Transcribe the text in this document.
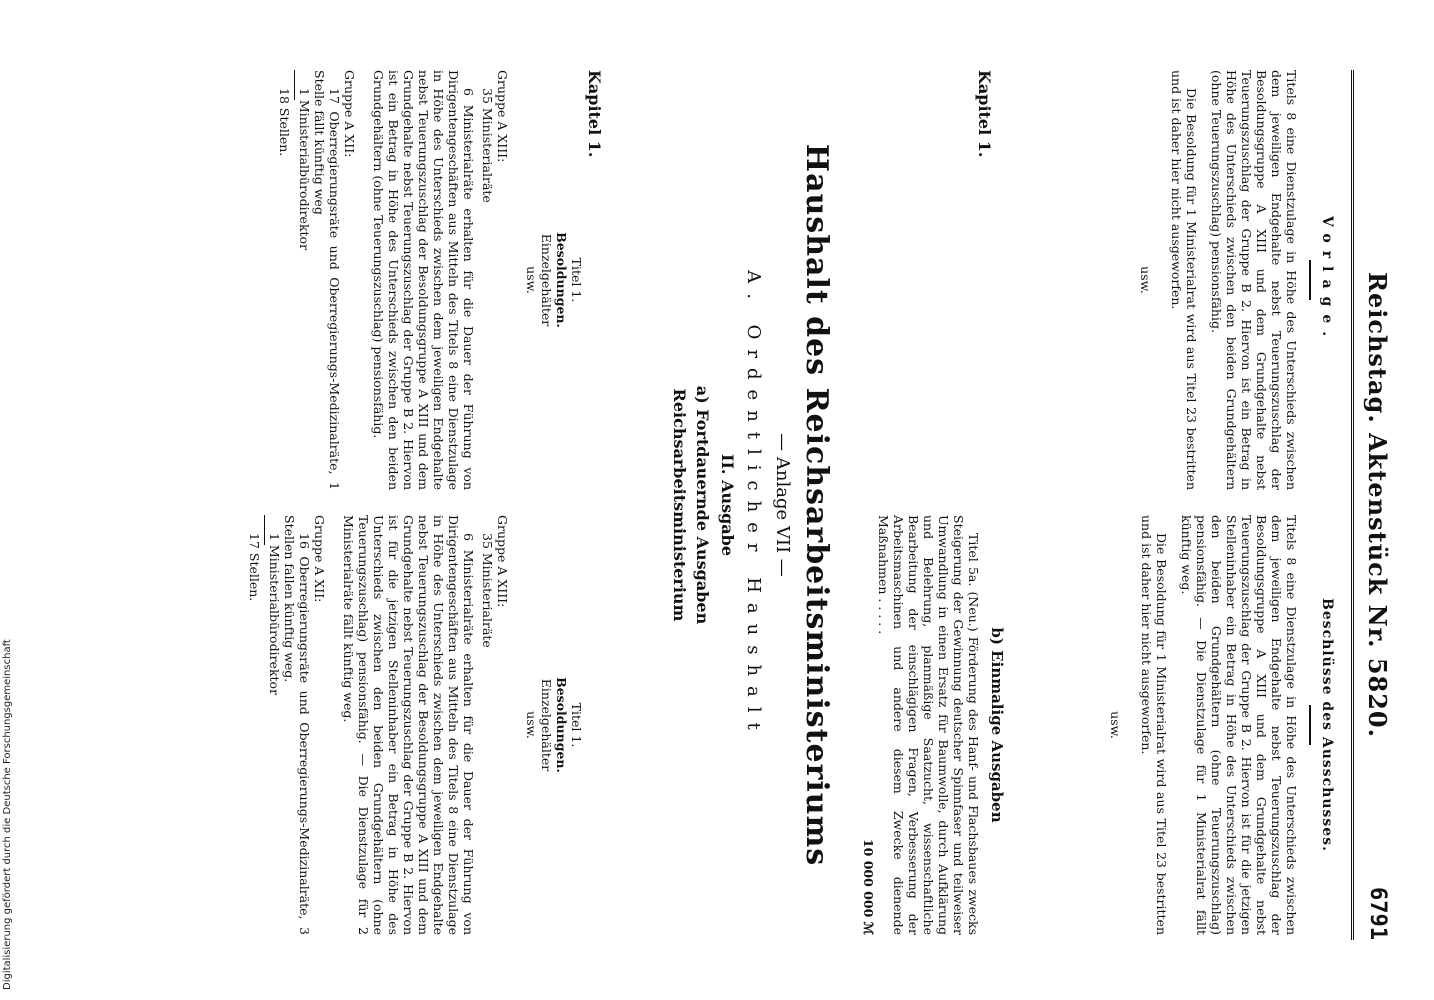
Reichstag. Aktenstück Nr. 5820.
6791
Vorlage.

Titels 8 eine Dienstzulage in Höhe des Unterschieds zwischen dem jeweiligen Endgehalte nebst Teuerungszuschlag der Besoldungsgruppe A XIII und dem Grundgehalte nebst Teuerungszuschlag der Gruppe B 2. Hiervon ist ein Betrag in Höhe des Unterschieds zwischen den beiden Grundgehältern (ohne Teuerungszuschlag) pensionsfähig.

Die Besoldung für 1 Ministerialrat wird aus Titel 23 bestritten und ist daher hier nicht ausgeworfen.

usw.
Beschlüsse des Ausschusses.

Titels 8 eine Dienstzulage in Höhe des Unterschieds zwischen dem jeweiligen Endgehalte nebst Teuerungszuschlag der Besoldungsgruppe A XIII und dem Grundgehalte nebst Teuerungszuschlag der Gruppe B 2. Hiervon ist für die jetzigen Stelleninhaber ein Betrag in Höhe des Unterschieds zwischen den beiden Grundgehältern (ohne Teuerungszuschlag) pensionsfähig. — Die Dienstzulage für 1 Ministerialrat fällt künftig weg.

Die Besoldung für 1 Ministerialrat wird aus Titel 23 bestritten und ist daher hier nicht ausgeworfen.

usw.
Kapitel 1.
b) Einmalige Ausgaben

Titel 5a. (Neu.) Förderung des Hanf- und Flachsbaues zwecks Steigerung der Gewinnung deutscher Spinnfaser und teilweiser Umwandlung in einen Ersatz für Baumwolle, durch Aufklärung und Belehrung, planmäßige Saatzucht, wissenschaftliche Bearbeitung der einschlägigen Fragen, Verbesserung der Arbeitsmaschinen und andere diesem Zwecke dienende Maßnahmen . . . . .

10 000 000 ℳ
Haushalt des Reichsarbeitsministeriums
— Anlage VII —
A. Ordentlicher Haushalt
II. Ausgabe
a) Fortdauernde Ausgaben
Reichsarbeitsministerium
Kapitel 1.
Titel 1.
Besoldungen.
Einzelgehälter
usw.
Gruppe A XIII:
35 Ministerialräte

6 Ministerialräte erhalten für die Dauer der Führung von Dirigentengeschäften aus Mitteln des Titels 8 eine Dienstzulage in Höhe des Unterschieds zwischen dem jeweiligen Endgehalte nebst Teuerungszuschlag der Besoldungsgruppe A XIII und dem Grundgehalte nebst Teuerungszuschlag der Gruppe B 2. Hiervon ist ein Betrag in Höhe des Unterschieds zwischen den beiden Grundgehältern (ohne Teuerungszuschlag) pensionsfähig.

Gruppe A XII:
17 Oberregierungsräte und Oberregierungs-Medizinalräte, 1 Stelle fällt künftig weg
1 Ministerialbürodirektor
18 Stellen.
Titel 1.
Besoldungen.
Einzelgehälter
usw.
Gruppe A XIII:
35 Ministerialräte

6 Ministerialräte erhalten für die Dauer der Führung von Dirigentengeschäften aus Mitteln des Titels 8 eine Dienstzulage in Höhe des Unterschieds zwischen dem jeweiligen Endgehalte nebst Teuerungszuschlag der Besoldungsgruppe A XIII und dem Grundgehalte nebst Teuerungszuschlag der Gruppe B 2. Hiervon ist für die jetzigen Stelleninhaber ein Betrag in Höhe des Unterschieds zwischen den beiden Grundgehältern (ohne Teuerungszuschlag) pensionsfähig. — Die Dienstzulage für 2 Ministerialräte fällt künftig weg.

Gruppe A XII:
16 Oberregierungsräte und Oberregierungs-Medizinalräte, 3 Stellen fallen künftig weg.
1 Ministerialbürodirektor
17 Stellen.
Digitalisierung gefördert durch die Deutsche Forschungsgemeinschaft
